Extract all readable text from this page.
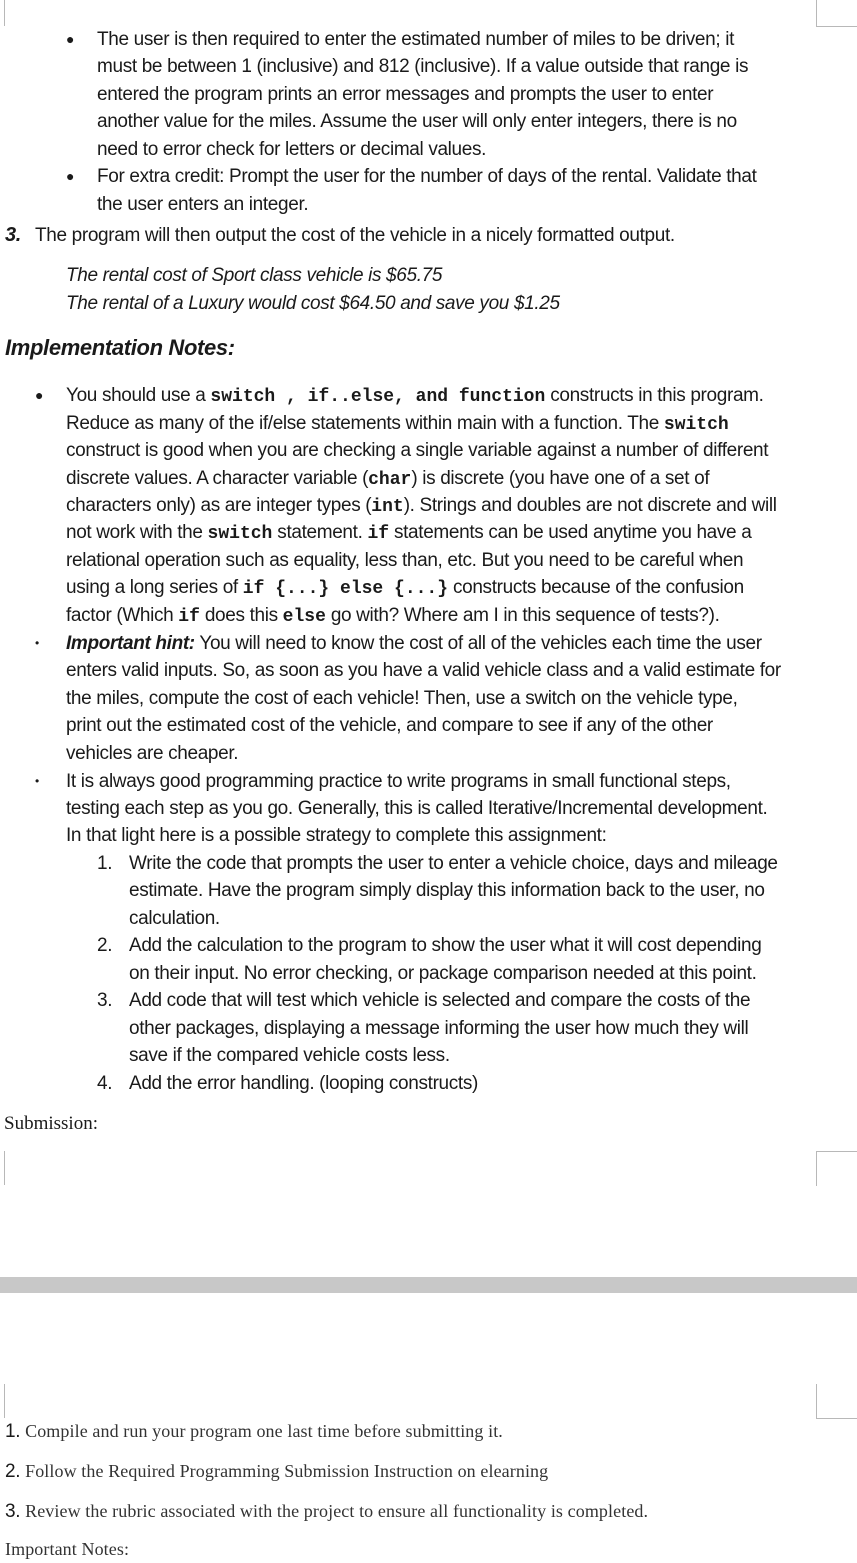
● The user is then required to enter the estimated number of miles to be driven; it
must be between 1 (inclusive) and 812 (inclusive). If a value outside that range is
entered the program prints an error messages and prompts the user to enter
another value for the miles. Assume the user will only enter integers, there is no
need to error check for letters or decimal values.
● For extra credit: Prompt the user for the number of days of the rental. Validate that
the user enters an integer.
3. The program will then output the cost of the vehicle in a nicely formatted output.
The rental cost of Sport class vehicle is $65.75
The rental of a Luxury would cost $64.50 and save you $1.25
Implementation Notes:
● You should use a switch , if..else, and function constructs in this program.
Reduce as many of the if/else statements within main with a function. The switch
construct is good when you are checking a single variable against a number of different
discrete values. A character variable (char) is discrete (you have one of a set of
characters only) as are integer types (int). Strings and doubles are not discrete and will
not work with the switch statement. if statements can be used anytime you have a
relational operation such as equality, less than, etc. But you need to be careful when
using a long series of if {...} else {...} constructs because of the confusion
factor (Which if does this else go with? Where am I in this sequence of tests?).
• Important hint: You will need to know the cost of all of the vehicles each time the user
enters valid inputs. So, as soon as you have a valid vehicle class and a valid estimate for
the miles, compute the cost of each vehicle! Then, use a switch on the vehicle type,
print out the estimated cost of the vehicle, and compare to see if any of the other
vehicles are cheaper.
• It is always good programming practice to write programs in small functional steps,
testing each step as you go. Generally, this is called Iterative/Incremental development.
In that light here is a possible strategy to complete this assignment:
1. Write the code that prompts the user to enter a vehicle choice, days and mileage
estimate. Have the program simply display this information back to the user, no
calculation.
2. Add the calculation to the program to show the user what it will cost depending
on their input. No error checking, or package comparison needed at this point.
3. Add code that will test which vehicle is selected and compare the costs of the
other packages, displaying a message informing the user how much they will
save if the compared vehicle costs less.
4. Add the error handling. (looping constructs)
Submission:
1. Compile and run your program one last time before submitting it.
2. Follow the Required Programming Submission Instruction on elearning
3. Review the rubric associated with the project to ensure all functionality is completed.
Important Notes:
